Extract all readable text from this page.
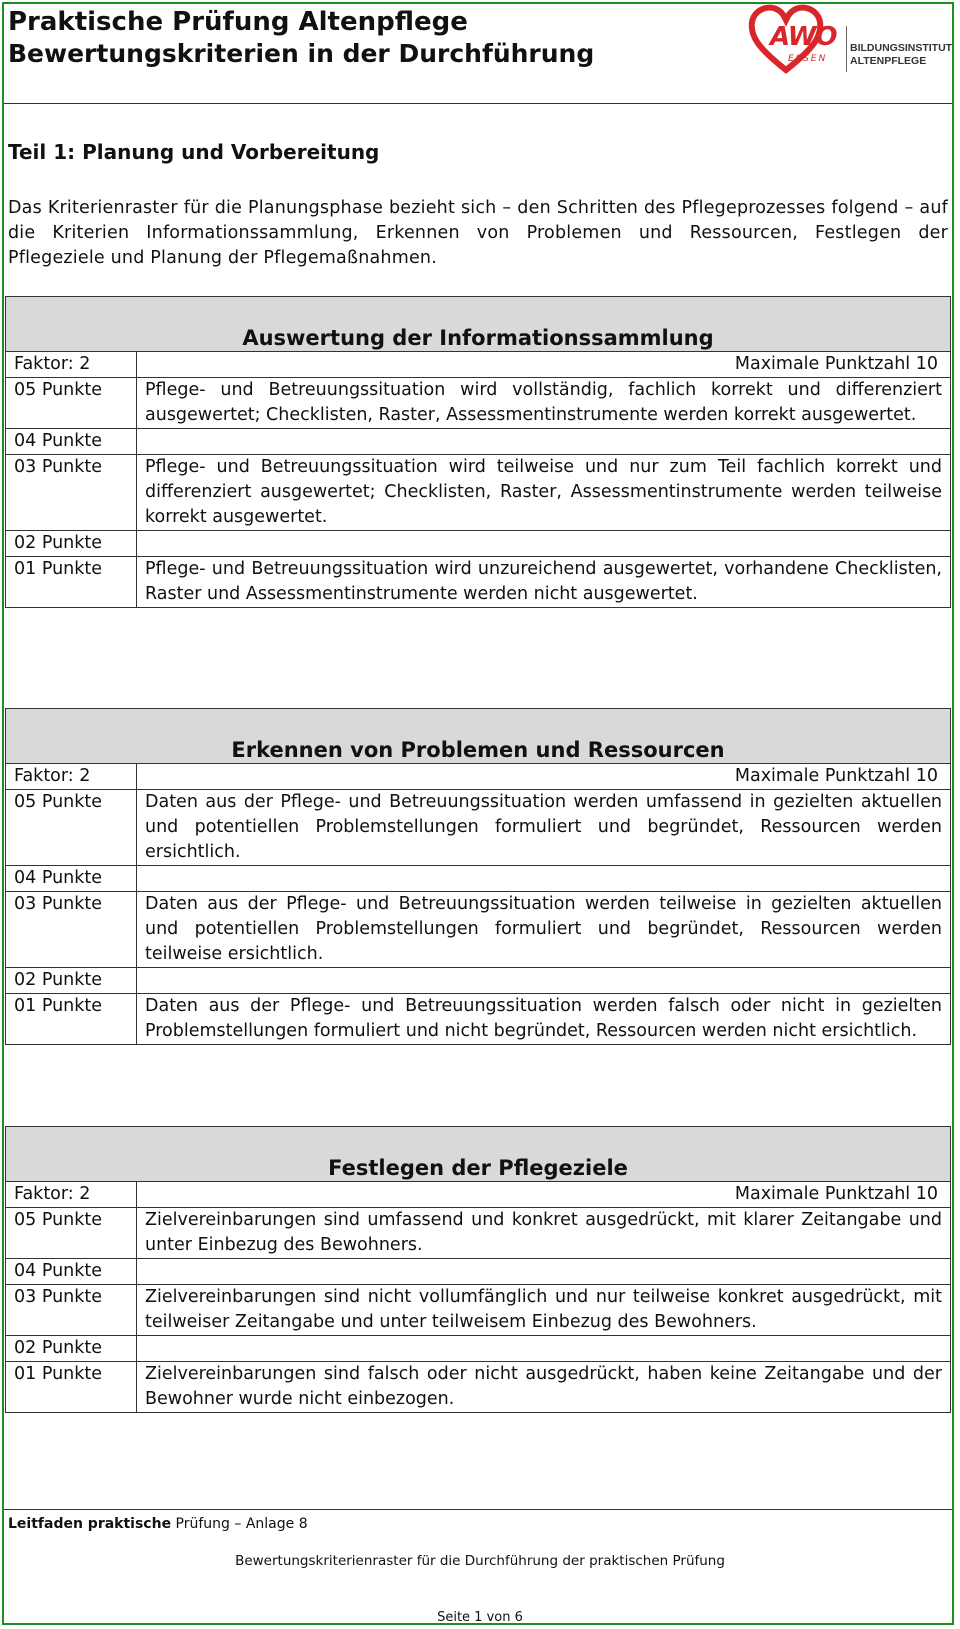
Praktische Prüfung Altenpflege
Bewertungskriterien in der Durchführung
AWO
ESSEN
BILDUNGSINSTITUT
ALTENPFLEGE
Teil 1: Planung und Vorbereitung
Das Kriterienraster für die Planungsphase bezieht sich – den Schritten des Pflegeprozesses folgend – auf die Kriterien Informationssammlung, Erkennen von Problemen und Ressourcen, Festlegen der Pflegeziele und Planung der Pflegemaßnahmen.
Auswertung der Informationssammlung	
Faktor: 2	Maximale Punktzahl 10
05 Punkte	Pflege- und Betreuungssituation wird vollständig, fachlich korrekt und differenziert ausgewertet; Checklisten, Raster, Assessmentinstrumente werden korrekt ausgewertet.
04 Punkte	
03 Punkte	Pflege- und Betreuungssituation wird teilweise und nur zum Teil fachlich korrekt und differenziert ausgewertet; Checklisten, Raster, Assessmentinstrumente werden teilweise korrekt ausgewertet.
02 Punkte	
01 Punkte	Pflege- und Betreuungssituation wird unzureichend ausgewertet, vorhandene Checklisten, Raster und Assessmentinstrumente werden nicht ausgewertet.
Erkennen von Problemen und Ressourcen	
Faktor: 2	Maximale Punktzahl 10
05 Punkte	Daten aus der Pflege- und Betreuungssituation werden umfassend in gezielten aktuellen und potentiellen Problemstellungen formuliert und begründet, Ressourcen werden ersichtlich.
04 Punkte	
03 Punkte	Daten aus der Pflege- und Betreuungssituation werden teilweise in gezielten aktuellen und potentiellen Problemstellungen formuliert und begründet, Ressourcen werden teilweise ersichtlich.
02 Punkte	
01 Punkte	Daten aus der Pflege- und Betreuungssituation werden falsch oder nicht in gezielten Problemstellungen formuliert und nicht begründet, Ressourcen werden nicht ersichtlich.
Festlegen der Pflegeziele	
Faktor: 2	Maximale Punktzahl 10
05 Punkte	Zielvereinbarungen sind umfassend und konkret ausgedrückt, mit klarer Zeitangabe und unter Einbezug des Bewohners.
04 Punkte	
03 Punkte	Zielvereinbarungen sind nicht vollumfänglich und nur teilweise konkret ausgedrückt, mit teilweiser Zeitangabe und unter teilweisem Einbezug des Bewohners.
02 Punkte	
01 Punkte	Zielvereinbarungen sind falsch oder nicht ausgedrückt, haben keine Zeitangabe und der Bewohner wurde nicht einbezogen.
Leitfaden praktische Prüfung – Anlage 8
Bewertungskriterienraster für die Durchführung der praktischen Prüfung
Seite 1 von 6
